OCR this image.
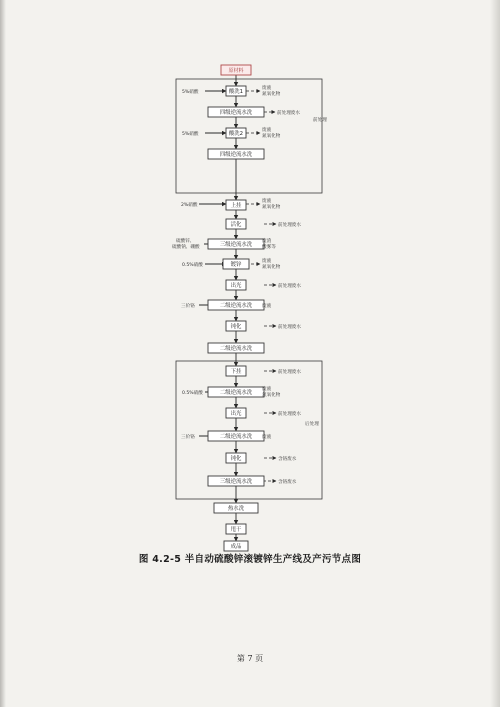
前处理
后处理
原材料
酸洗1
四级逆流水洗
酸洗2
四级逆流水洗
上挂
活化
三级逆流水洗
镀锌
出光
二级逆流水洗
钝化
二级逆流水洗
下挂
二级逆流水洗
出光
二级逆流水洗
钝化
三级逆流水洗
热水洗
甩干
成品
5%硝酸
5%硝酸
2%硝酸
硫酸锌、
硫酸钠、硼酸
0.5%硝酸
三价铬
0.5%硝酸
三价铬
废液
氮氧化物
前处理废水
废液
氮氧化物
废液
氮氧化物
前处理废水
废渣
酸雾等
废液
氮氧化物
前处理废水
废液
前处理废水
前处理废水
废液
氮氧化物
前处理废水
废液
含铬废水
含铬废水
图 4.2-5 半自动硫酸锌滚镀锌生产线及产污节点图
第 7 页
